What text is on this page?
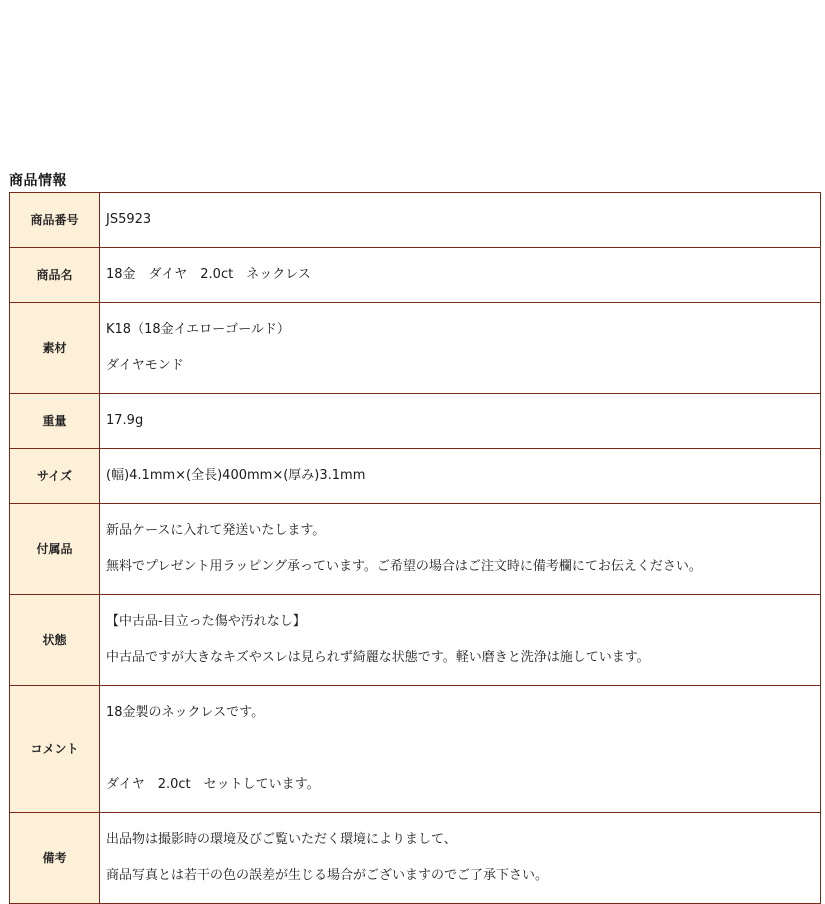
商品情報
商品番号	JS5923

商品名	18金　ダイヤ　2.0ct　ネックレス

素材	K18（18金イエローゴールド）

ダイヤモンド

重量	17.9g

サイズ	(幅)4.1mm×(全長)400mm×(厚み)3.1mm

付属品	新品ケースに入れて発送いたします。

無料でプレゼント用ラッピング承っています。ご希望の場合はご注文時に備考欄にてお伝えください。

状態	【中古品-目立った傷や汚れなし】

中古品ですが大きなキズやスレは見られず綺麗な状態です。軽い磨きと洗浄は施しています。

コメント	18金製のネックレスです。

ダイヤ　2.0ct　セットしています。

備考	出品物は撮影時の環境及びご覧いただく環境によりまして、

商品写真とは若干の色の誤差が生じる場合がございますのでご了承下さい。
